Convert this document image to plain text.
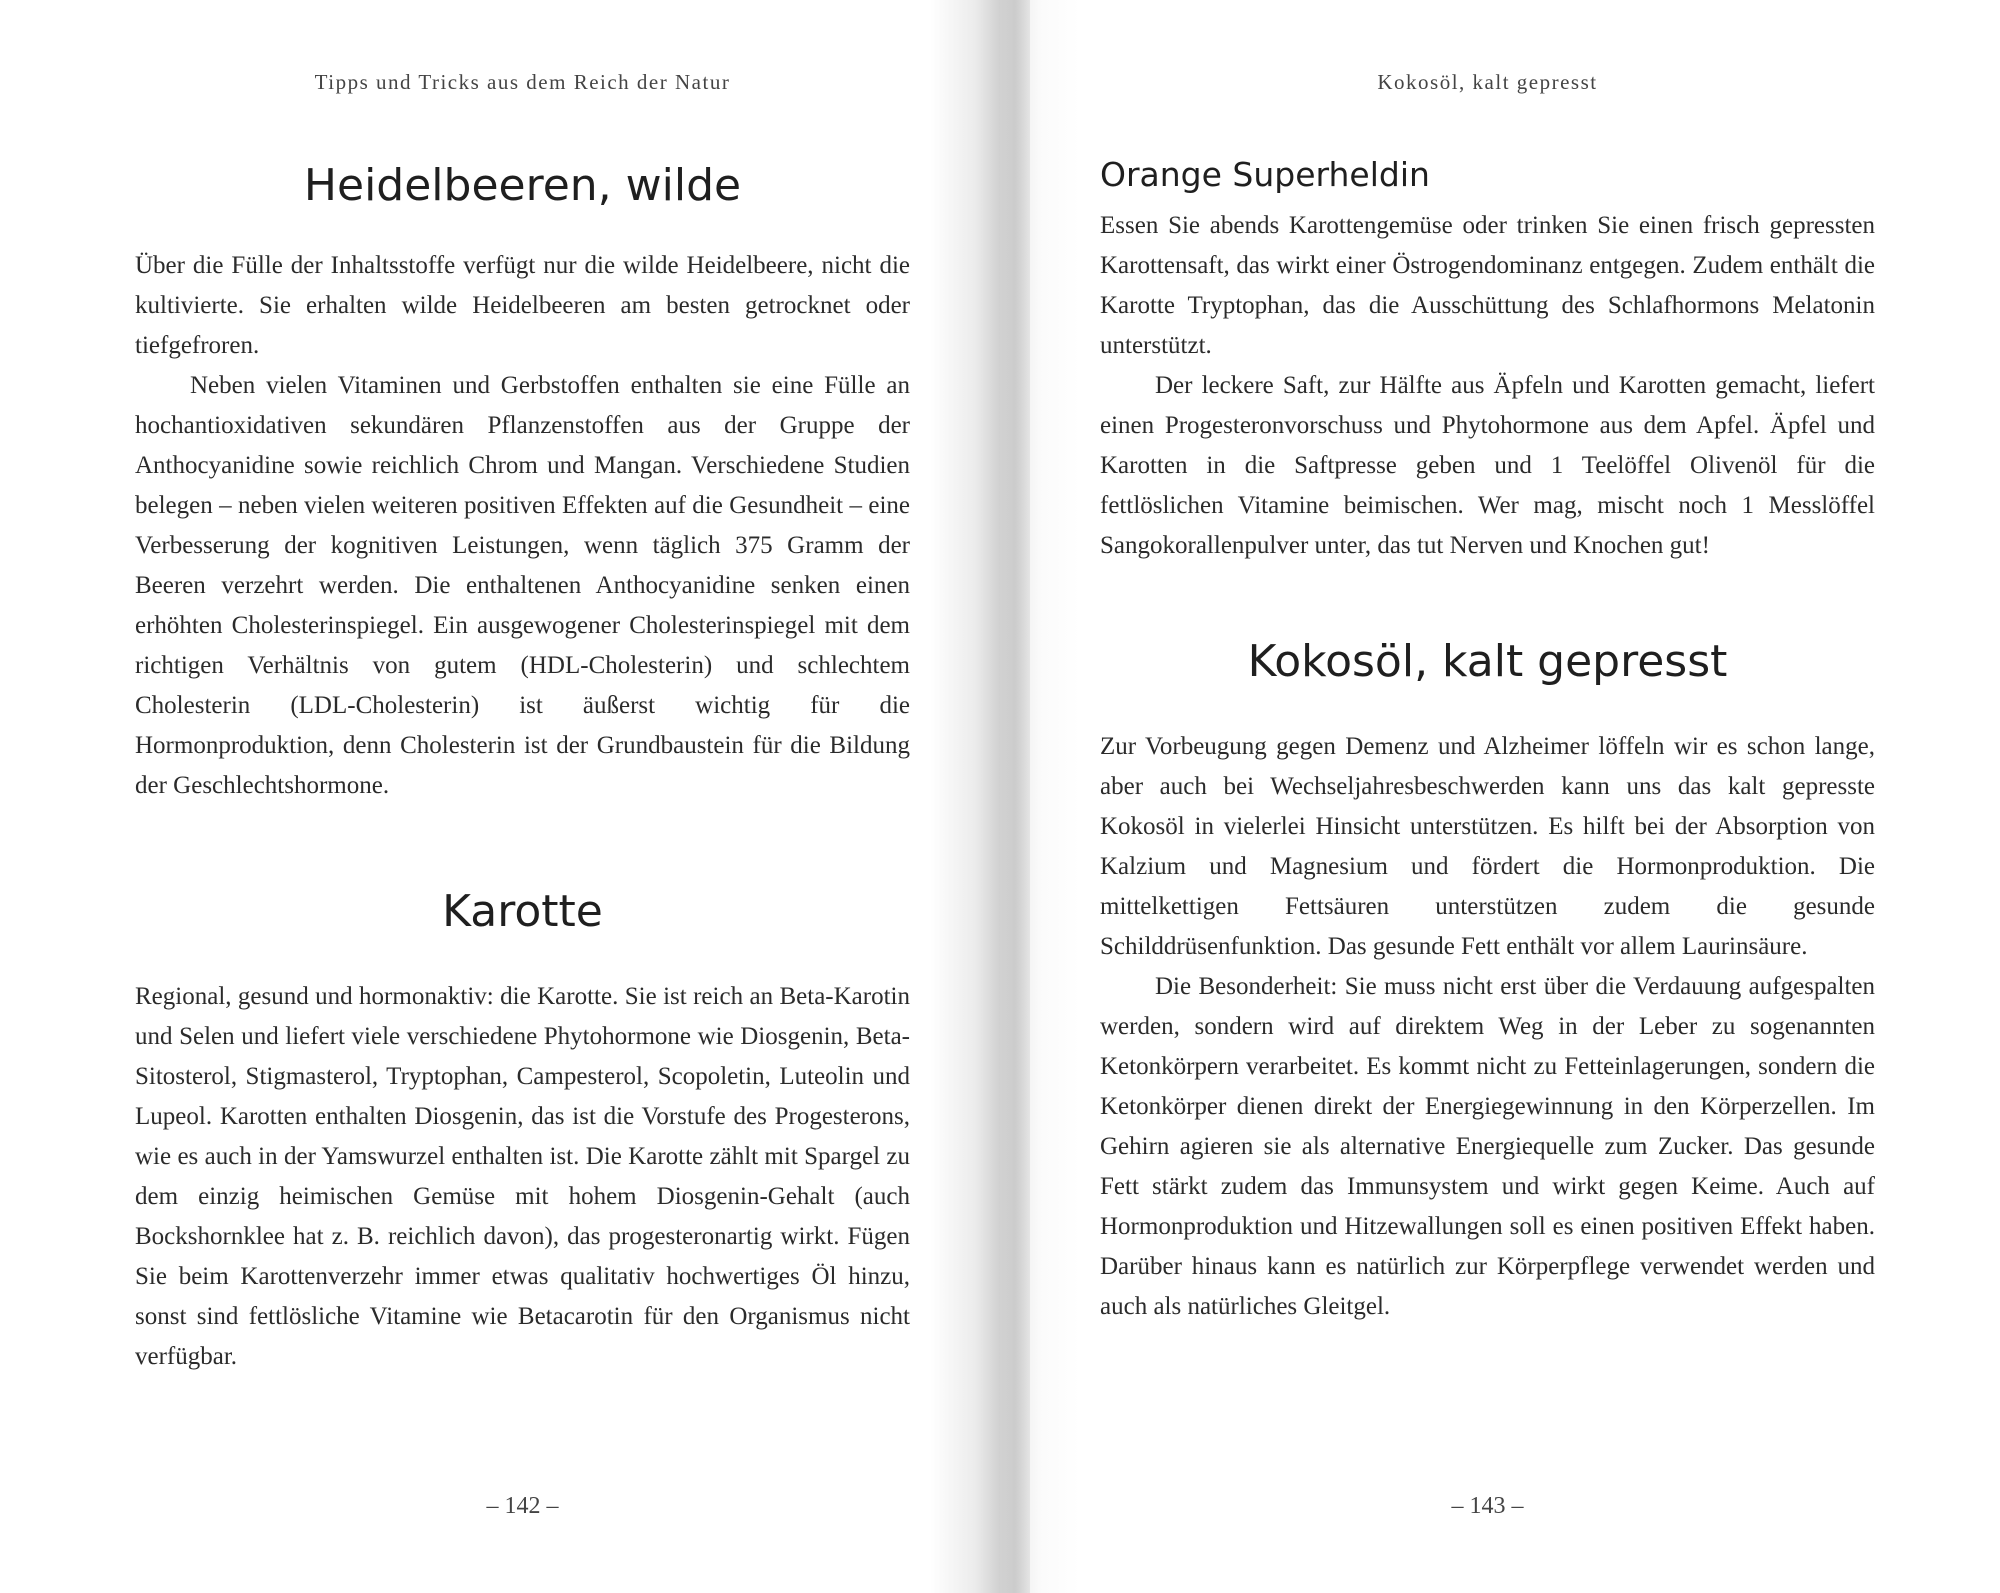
Tipps und Tricks aus dem Reich der Natur
Heidelbeeren, wilde

Über die Fülle der Inhaltsstoffe verfügt nur die wilde Heidelbeere, nicht die kultivierte. Sie erhalten wilde Heidelbeeren am besten getrocknet oder tiefgefroren.

Neben vielen Vitaminen und Gerbstoffen enthalten sie eine Fülle an hochantioxidativen sekundären Pflanzenstoffen aus der Gruppe der Anthocyanidine sowie reichlich Chrom und Mangan. Verschiedene Studien belegen – neben vielen weiteren positiven Effekten auf die Gesundheit – eine Verbesserung der kognitiven Leistungen, wenn täglich 375 Gramm der Beeren verzehrt werden. Die enthaltenen Anthocyanidine senken einen erhöhten Cholesterinspiegel. Ein ausgewogener Cholesterinspiegel mit dem richtigen Verhältnis von gutem (HDL-Cholesterin) und schlechtem Cholesterin (LDL-Cholesterin) ist äußerst wichtig für die Hormonproduktion, denn Cholesterin ist der Grundbaustein für die Bildung der Geschlechtshormone.

Karotte

Regional, gesund und hormonaktiv: die Karotte. Sie ist reich an Beta-Karotin und Selen und liefert viele verschiedene Phytohormone wie Diosgenin, Beta-Sitosterol, Stigmasterol, Tryptophan, Campesterol, Scopoletin, Luteolin und Lupeol. Karotten enthalten Diosgenin, das ist die Vorstufe des Progesterons, wie es auch in der Yamswurzel enthalten ist. Die Karotte zählt mit Spargel zu dem einzig heimischen Gemüse mit hohem Diosgenin-Gehalt (auch Bockshornklee hat z. B. reichlich davon), das progesteronartig wirkt. Fügen Sie beim Karottenverzehr immer etwas qualitativ hochwertiges Öl hinzu, sonst sind fettlösliche Vitamine wie Betacarotin für den Organismus nicht verfügbar.

– 142 –
Kokosöl, kalt gepresst
Orange Superheldin

Essen Sie abends Karottengemüse oder trinken Sie einen frisch gepressten Karottensaft, das wirkt einer Östrogendominanz entgegen. Zudem enthält die Karotte Tryptophan, das die Ausschüttung des Schlafhormons Melatonin unterstützt.

Der leckere Saft, zur Hälfte aus Äpfeln und Karotten gemacht, liefert einen Progesteronvorschuss und Phytohormone aus dem Apfel. Äpfel und Karotten in die Saftpresse geben und 1 Teelöffel Olivenöl für die fettlöslichen Vitamine beimischen. Wer mag, mischt noch 1 Messlöffel Sangokorallenpulver unter, das tut Nerven und Knochen gut!

Kokosöl, kalt gepresst

Zur Vorbeugung gegen Demenz und Alzheimer löffeln wir es schon lange, aber auch bei Wechseljahresbeschwerden kann uns das kalt gepresste Kokosöl in vielerlei Hinsicht unterstützen. Es hilft bei der Absorption von Kalzium und Magnesium und fördert die Hormonproduktion. Die mittelkettigen Fettsäuren unterstützen zudem die gesunde Schilddrüsenfunktion. Das gesunde Fett enthält vor allem Laurinsäure.

Die Besonderheit: Sie muss nicht erst über die Verdauung aufgespalten werden, sondern wird auf direktem Weg in der Leber zu sogenannten Ketonkörpern verarbeitet. Es kommt nicht zu Fetteinlagerungen, sondern die Ketonkörper dienen direkt der Energiegewinnung in den Körperzellen. Im Gehirn agieren sie als alternative Energiequelle zum Zucker. Das gesunde Fett stärkt zudem das Immunsystem und wirkt gegen Keime. Auch auf Hormonproduktion und Hitzewallungen soll es einen positiven Effekt haben. Darüber hinaus kann es natürlich zur Körperpflege verwendet werden und auch als natürliches Gleitgel.

– 143 –
